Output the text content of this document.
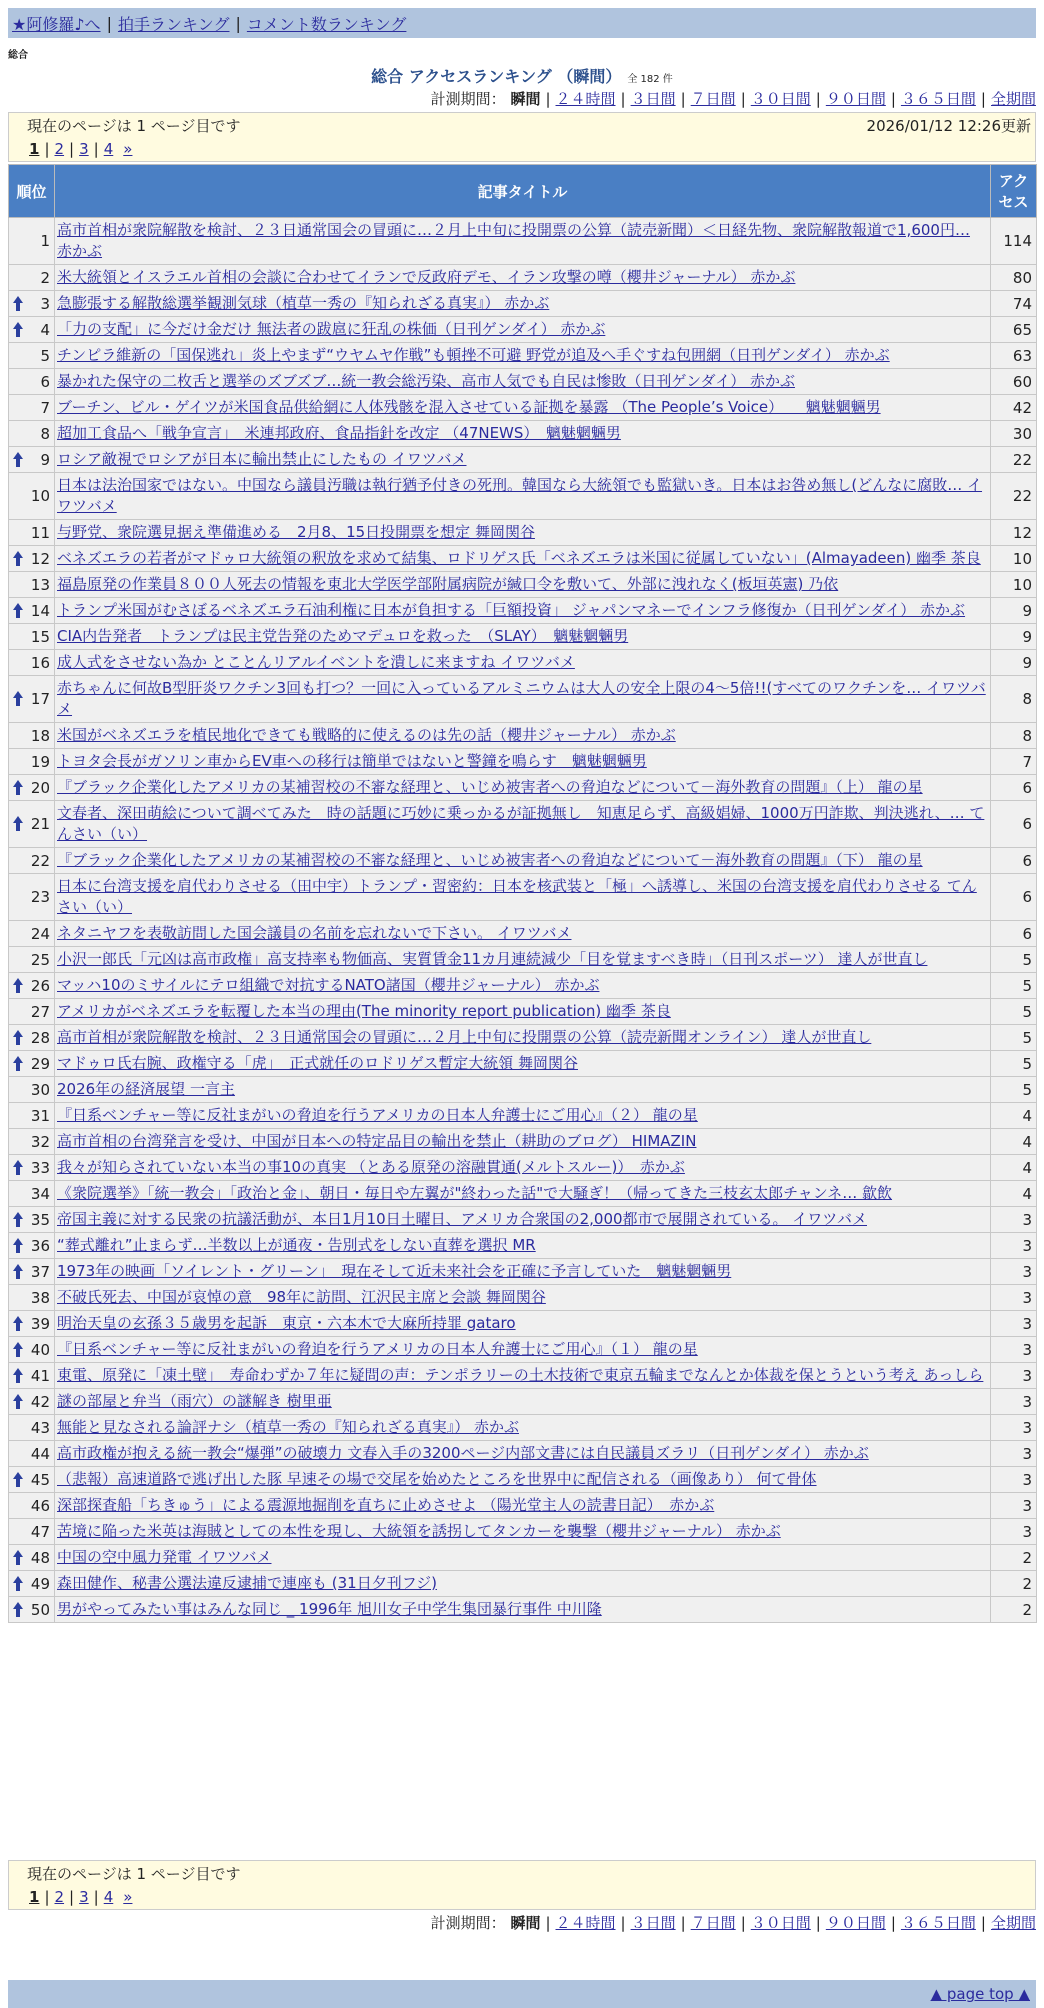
★阿修羅♪へ | 拍手ランキング | コメント数ランキング
総合
総合 アクセスランキング （瞬間） 全 182 件
計測期間： 瞬間 | ２４時間 | ３日間 | ７日間 | ３０日間 | ９０日間 | ３６５日間 | 全期間
現在のページは 1 ページ目です	2026/01/12 12:26更新
1 | 2 | 3 | 4 »
順位	記事タイトル	アクセス
1	高市首相が衆院解散を検討、２３日通常国会の冒頭に…２月上中旬に投開票の公算（読売新聞）＜日経先物、衆院解散報道で1,600円… 赤かぶ	114
2	米大統領とイスラエル首相の会談に合わせてイランで反政府デモ、イラン攻撃の噂（櫻井ジャーナル） 赤かぶ	80

3	急膨張する解散総選挙観測気球（植草一秀の『知られざる真実』） 赤かぶ	74

4	「力の支配」に今だけ金だけ 無法者の跋扈に狂乱の株価（日刊ゲンダイ） 赤かぶ	65
5	チンピラ維新の「国保逃れ」炎上やまず“ウヤムヤ作戦”も頓挫不可避 野党が追及へ手ぐすね包囲網（日刊ゲンダイ） 赤かぶ	63
6	暴かれた保守の二枚舌と選挙のズブズブ…統一教会総汚染、高市人気でも自民は惨敗（日刊ゲンダイ） 赤かぶ	60
7	ブーチン、ビル・ゲイツが米国食品供給網に人体残骸を混入させている証拠を暴露 （The People’s Voice）　　魑魅魍魎男	42
8	超加工食品へ「戦争宣言」　米連邦政府、食品指針を改定 （47NEWS）　魑魅魍魎男	30

9	ロシア敵視でロシアが日本に輸出禁止にしたもの イワツバメ	22
10	日本は法治国家ではない。中国なら議員汚職は執行猶予付きの死刑。韓国なら大統領でも監獄いき。日本はお咎め無し(どんなに腐敗… イワツバメ	22
11	与野党、衆院選見据え準備進める　2月8、15日投開票を想定 舞岡関谷	12

12	ベネズエラの若者がマドゥロ大統領の釈放を求めて結集、ロドリゲス氏「ベネズエラは米国に従属していない」(Almayadeen) 幽季 茶良	10
13	福島原発の作業員８００人死去の情報を東北大学医学部附属病院が緘口令を敷いて、外部に洩れなく(板垣英憲) 乃依	10

14	トランプ米国がむさぼるベネズエラ石油利権に日本が負担する「巨額投資」 ジャパンマネーでインフラ修復か（日刊ゲンダイ） 赤かぶ	9
15	CIA内告発者　トランプは民主党告発のためマデュロを救った　（SLAY）　魑魅魍魎男	9
16	成人式をさせない為か とことんリアルイベントを潰しに来ますね イワツバメ	9

17	赤ちゃんに何故B型肝炎ワクチン3回も打つ？一回に入っているアルミニウムは大人の安全上限の4〜5倍!!(すべてのワクチンを… イワツバメ	8
18	米国がベネズエラを植民地化できても戦略的に使えるのは先の話（櫻井ジャーナル） 赤かぶ	8
19	トヨタ会長がガソリン車からEV車への移行は簡単ではないと警鐘を鳴らす　魑魅魍魎男	7

20	『ブラック企業化したアメリカの某補習校の不審な経理と、いじめ被害者への脅迫などについて－海外教育の問題』（上） 龍の星	6

21	文春者、深田萌絵について調べてみた　時の話題に巧妙に乗っかるが証拠無し　知恵足らず、高級娼婦、1000万円詐欺、判決逃れ、… てんさい（い）	6
22	『ブラック企業化したアメリカの某補習校の不審な経理と、いじめ被害者への脅迫などについて－海外教育の問題』（下） 龍の星	6
23	日本に台湾支援を肩代わりさせる（田中宇）トランプ・習密約：日本を核武装と「極」へ誘導し、米国の台湾支援を肩代わりさせる てんさい（い）	6
24	ネタニヤフを表敬訪問した国会議員の名前を忘れないで下さい。 イワツバメ	6
25	小沢一郎氏「元凶は高市政権」高支持率も物価高、実質賃金11カ月連続減少「目を覚ますべき時」（日刊スポーツ） 達人が世直し	5

26	マッハ10のミサイルにテロ組織で対抗するNATO諸国（櫻井ジャーナル） 赤かぶ	5
27	アメリカがベネズエラを転覆した本当の理由(The minority report publication) 幽季 茶良	5

28	高市首相が衆院解散を検討、２３日通常国会の冒頭に…２月上中旬に投開票の公算（読売新聞オンライン） 達人が世直し	5

29	マドゥロ氏右腕、政権守る「虎」　正式就任のロドリゲス暫定大統領 舞岡関谷	5
30	2026年の経済展望 一言主	5
31	『日系ベンチャー等に反社まがいの脅迫を行うアメリカの日本人弁護士にご用心』（２） 龍の星	4
32	高市首相の台湾発言を受け、中国が日本への特定品目の輸出を禁止（耕助のブログ） HIMAZIN	4

33	我々が知らされていない本当の事10の真実 （とある原発の溶融貫通(メルトスルー)）　赤かぶ	4
34	《衆院選挙》「統一教会」「政治と金」、朝日・毎日や左翼が"終わった話"で大騒ぎ！（帰ってきた三枝玄太郎チャンネ… 歙飲	4

35	帝国主義に対する民衆の抗議活動が、本日1月10日土曜日、アメリカ合衆国の2,000都市で展開されている。 イワツバメ	3

36	“葬式離れ”止まらず…半数以上が通夜・告別式をしない直葬を選択 MR	3

37	1973年の映画「ソイレント・グリーン」　現在そして近未来社会を正確に予言していた　魑魅魍魎男	3
38	不破氏死去、中国が哀悼の意　98年に訪問、江沢民主席と会談 舞岡関谷	3

39	明治天皇の玄孫３５歳男を起訴　東京・六本木で大麻所持罪 gataro	3

40	『日系ベンチャー等に反社まがいの脅迫を行うアメリカの日本人弁護士にご用心』（１） 龍の星	3

41	東電、原発に「凍土壁」　寿命わずか７年に疑問の声：テンポラリーの土木技術で東京五輪までなんとか体裁を保とうという考え あっしら	3

42	謎の部屋と弁当（雨穴）の謎解き 樹里亜	3
43	無能と見なされる論評ナシ（植草一秀の『知られざる真実』） 赤かぶ	3
44	高市政権が抱える統一教会“爆弾”の破壊力 文春入手の3200ページ内部文書には自民議員ズラリ（日刊ゲンダイ） 赤かぶ	3

45	（悲報）高速道路で逃げ出した豚 早速その場で交尾を始めたところを世界中に配信される（画像あり） 何て骨体	3
46	深部探査船「ちきゅう」による震源地掘削を直ちに止めさせよ （陽光堂主人の読書日記）　赤かぶ	3
47	苦境に陥った米英は海賊としての本性を現し、大統領を誘拐してタンカーを襲撃（櫻井ジャーナル） 赤かぶ	3

48	中国の空中風力発電 イワツバメ	2

49	森田健作、秘書公選法違反逮捕で連座も (31日夕刊フジ)	2

50	男がやってみたい事はみんな同じ _ 1996年 旭川女子中学生集団暴行事件 中川隆	2
現在のページは 1 ページ目です
1 | 2 | 3 | 4 »
計測期間： 瞬間 | ２４時間 | ３日間 | ７日間 | ３０日間 | ９０日間 | ３６５日間 | 全期間
▲ page top ▲
